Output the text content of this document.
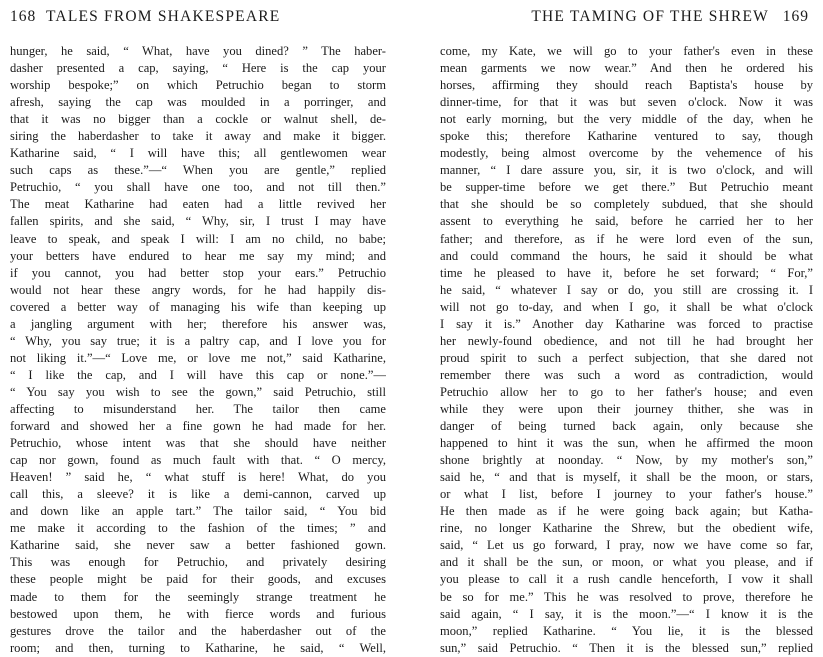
168 TALES FROM SHAKESPEARE
hunger, he said, “ What, have you dined? ” The haber-
dasher presented a cap, saying, “ Here is the cap your
worship bespoke;” on which Petruchio began to storm
afresh, saying the cap was moulded in a porringer, and
that it was no bigger than a cockle or walnut shell, de-
siring the haberdasher to take it away and make it bigger.
Katharine said, “ I will have this; all gentlewomen wear
such caps as these.”—“ When you are gentle,” replied
Petruchio, “ you shall have one too, and not till then.”
The meat Katharine had eaten had a little revived her
fallen spirits, and she said, “ Why, sir, I trust I may have
leave to speak, and speak I will: I am no child, no babe;
your betters have endured to hear me say my mind; and
if you cannot, you had better stop your ears.” Petruchio
would not hear these angry words, for he had happily dis-
covered a better way of managing his wife than keeping up
a jangling argument with her; therefore his answer was,
“ Why, you say true; it is a paltry cap, and I love you for
not liking it.”—“ Love me, or love me not,” said Katharine,
“ I like the cap, and I will have this cap or none.”—
“ You say you wish to see the gown,” said Petruchio, still
affecting to misunderstand her. The tailor then came
forward and showed her a fine gown he had made for her.
Petruchio, whose intent was that she should have neither
cap nor gown, found as much fault with that. “ O mercy,
Heaven! ” said he, “ what stuff is here! What, do you
call this, a sleeve? it is like a demi-cannon, carved up
and down like an apple tart.” The tailor said, “ You bid
me make it according to the fashion of the times; ” and
Katharine said, she never saw a better fashioned gown.
This was enough for Petruchio, and privately desiring
these people might be paid for their goods, and excuses
made to them for the seemingly strange treatment he
bestowed upon them, he with fierce words and furious
gestures drove the tailor and the haberdasher out of the
room; and then, turning to Katharine, he said, “ Well,
THE TAMING OF THE SHREW 169
come, my Kate, we will go to your father's even in these
mean garments we now wear.” And then he ordered his
horses, affirming they should reach Baptista's house by
dinner-time, for that it was but seven o'clock. Now it was
not early morning, but the very middle of the day, when he
spoke this; therefore Katharine ventured to say, though
modestly, being almost overcome by the vehemence of his
manner, “ I dare assure you, sir, it is two o'clock, and will
be supper-time before we get there.” But Petruchio meant
that she should be so completely subdued, that she should
assent to everything he said, before he carried her to her
father; and therefore, as if he were lord even of the sun,
and could command the hours, he said it should be what
time he pleased to have it, before he set forward; “ For,”
he said, “ whatever I say or do, you still are crossing it. I
will not go to-day, and when I go, it shall be what o'clock
I say it is.” Another day Katharine was forced to practise
her newly-found obedience, and not till he had brought her
proud spirit to such a perfect subjection, that she dared not
remember there was such a word as contradiction, would
Petruchio allow her to go to her father's house; and even
while they were upon their journey thither, she was in
danger of being turned back again, only because she
happened to hint it was the sun, when he affirmed the moon
shone brightly at noonday. “ Now, by my mother's son,”
said he, “ and that is myself, it shall be the moon, or stars,
or what I list, before I journey to your father's house.”
He then made as if he were going back again; but Katha-
rine, no longer Katharine the Shrew, but the obedient wife,
said, “ Let us go forward, I pray, now we have come so far,
and it shall be the sun, or moon, or what you please, and if
you please to call it a rush candle henceforth, I vow it shall
be so for me.” This he was resolved to prove, therefore he
said again, “ I say, it is the moon.”—“ I know it is the
moon,” replied Katharine. “ You lie, it is the blessed
sun,” said Petruchio. “ Then it is the blessed sun,” replied
